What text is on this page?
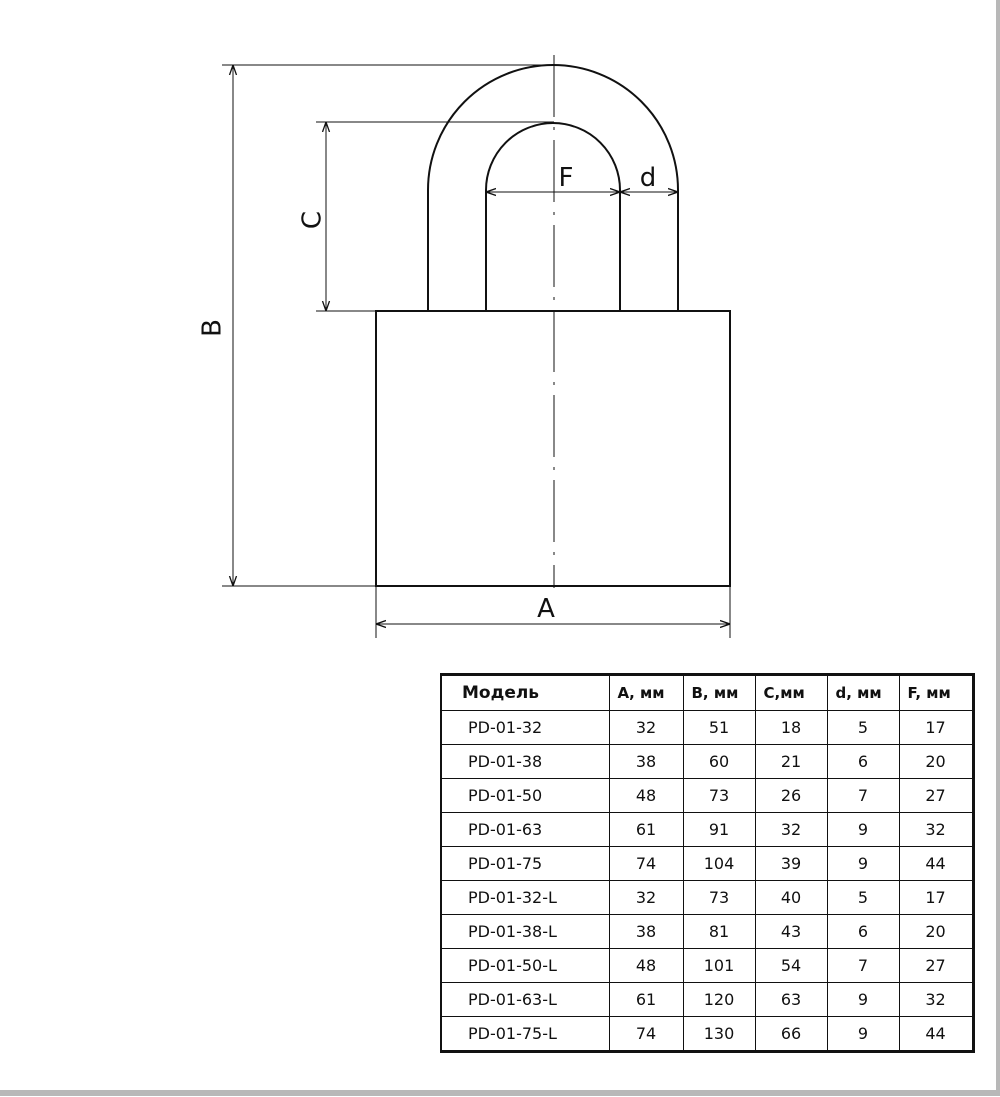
B
C
A
F	d
Модель	А, мм	В, мм	С,мм	d, мм	F, мм
PD-01-32	32	51	18	5	17
PD-01-38	38	60	21	6	20
PD-01-50	48	73	26	7	27
PD-01-63	61	91	32	9	32
PD-01-75	74	104	39	9	44
PD-01-32-L	32	73	40	5	17
PD-01-38-L	38	81	43	6	20
PD-01-50-L	48	101	54	7	27
PD-01-63-L	61	120	63	9	32
PD-01-75-L	74	130	66	9	44
